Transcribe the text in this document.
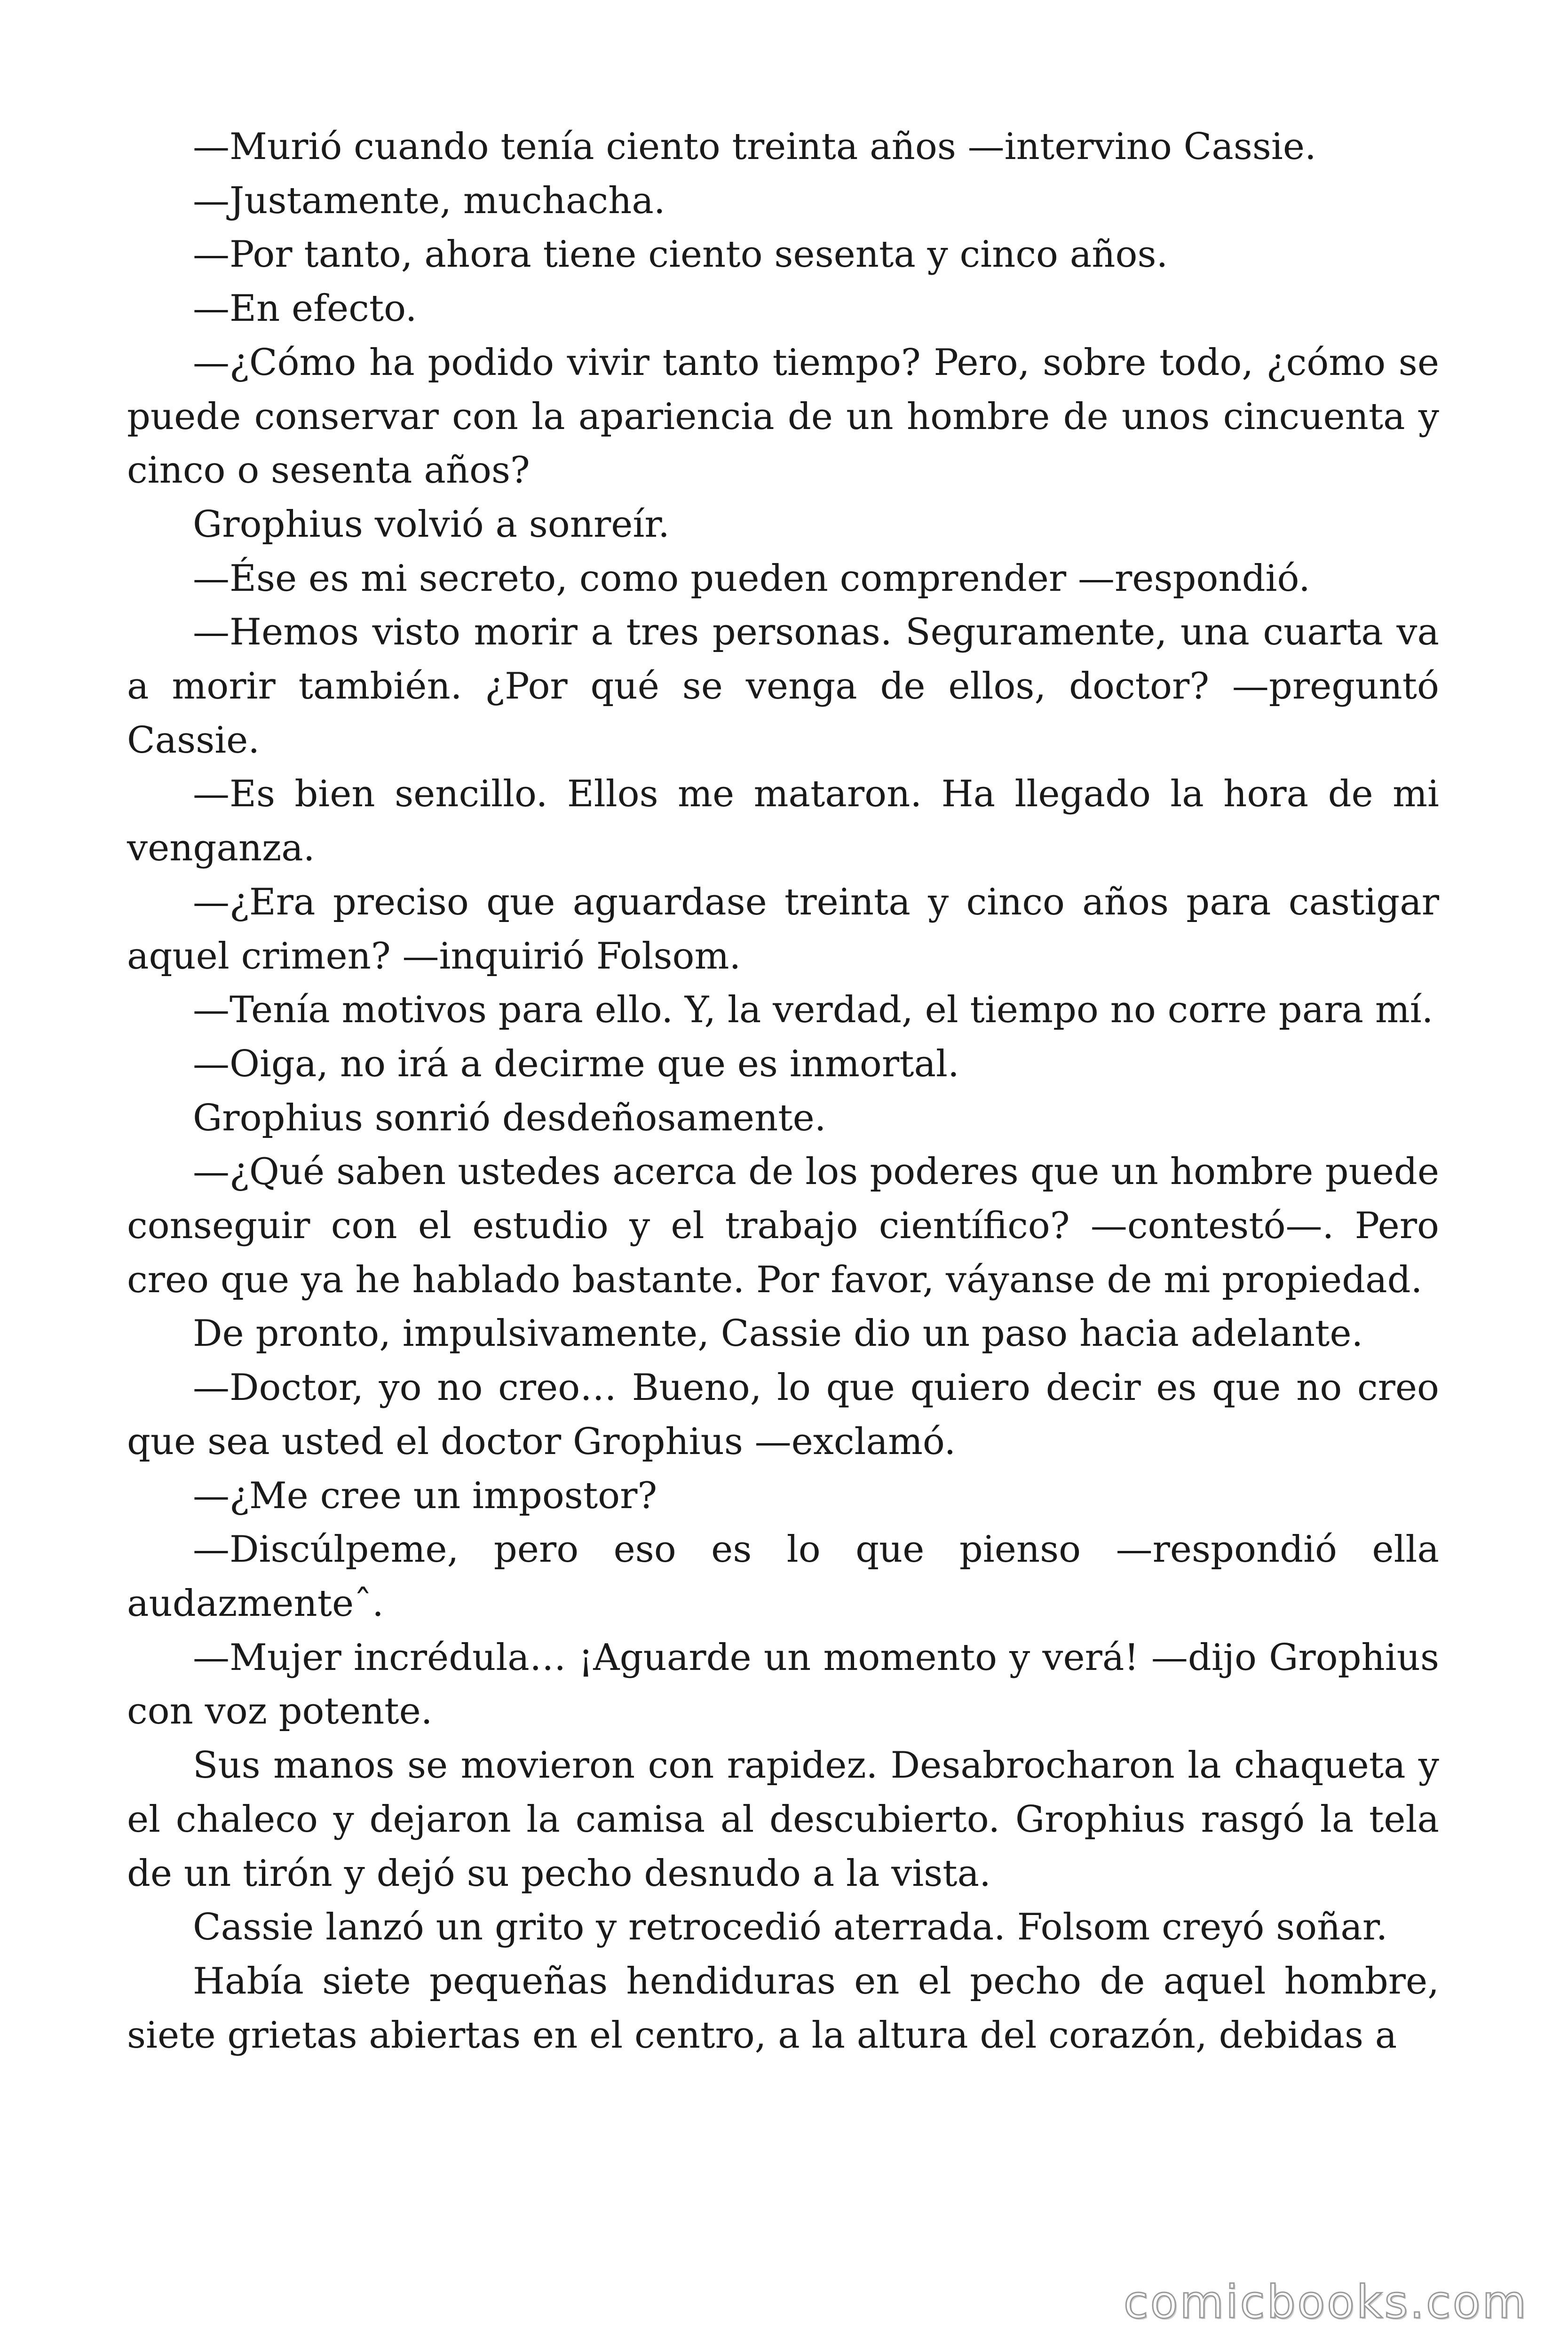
—Murió cuando tenía ciento treinta años —intervino Cassie.

—Justamente, muchacha.

—Por tanto, ahora tiene ciento sesenta y cinco años.

—En efecto.

—¿Cómo ha podido vivir tanto tiempo? Pero, sobre todo, ¿cómo se puede conservar con la apariencia de un hombre de unos cincuenta y cinco o sesenta años?

Grophius volvió a sonreír.

—Ése es mi secreto, como pueden comprender —respondió.

—Hemos visto morir a tres personas. Seguramente, una cuarta va a morir también. ¿Por qué se venga de ellos, doctor? —preguntó Cassie.

—Es bien sencillo. Ellos me mataron. Ha llegado la hora de mi venganza.

—¿Era preciso que aguardase treinta y cinco años para castigar aquel crimen? —inquirió Folsom.

—Tenía motivos para ello. Y, la verdad, el tiempo no corre para mí.

—Oiga, no irá a decirme que es inmortal.

Grophius sonrió desdeñosamente.

—¿Qué saben ustedes acerca de los poderes que un hombre puede conseguir con el estudio y el trabajo científico? —contestó—. Pero creo que ya he hablado bastante. Por favor, váyanse de mi propiedad.

De pronto, impulsivamente, Cassie dio un paso hacia adelante.

—Doctor, yo no creo… Bueno, lo que quiero decir es que no creo que sea usted el doctor Grophius —exclamó.

—¿Me cree un impostor?

—Discúlpeme, pero eso es lo que pienso —respondió ella audazmenteˆ.

—Mujer incrédula… ¡Aguarde un momento y verá! —dijo Grophius con voz potente.

Sus manos se movieron con rapidez. Desabrocharon la chaqueta y el chaleco y dejaron la camisa al descubierto. Grophius rasgó la tela de un tirón y dejó su pecho desnudo a la vista.

Cassie lanzó un grito y retrocedió aterrada. Folsom creyó soñar.

Había siete pequeñas hendiduras en el pecho de aquel hombre, siete grietas abiertas en el centro, a la altura del corazón, debidas a

comicbooks.com
